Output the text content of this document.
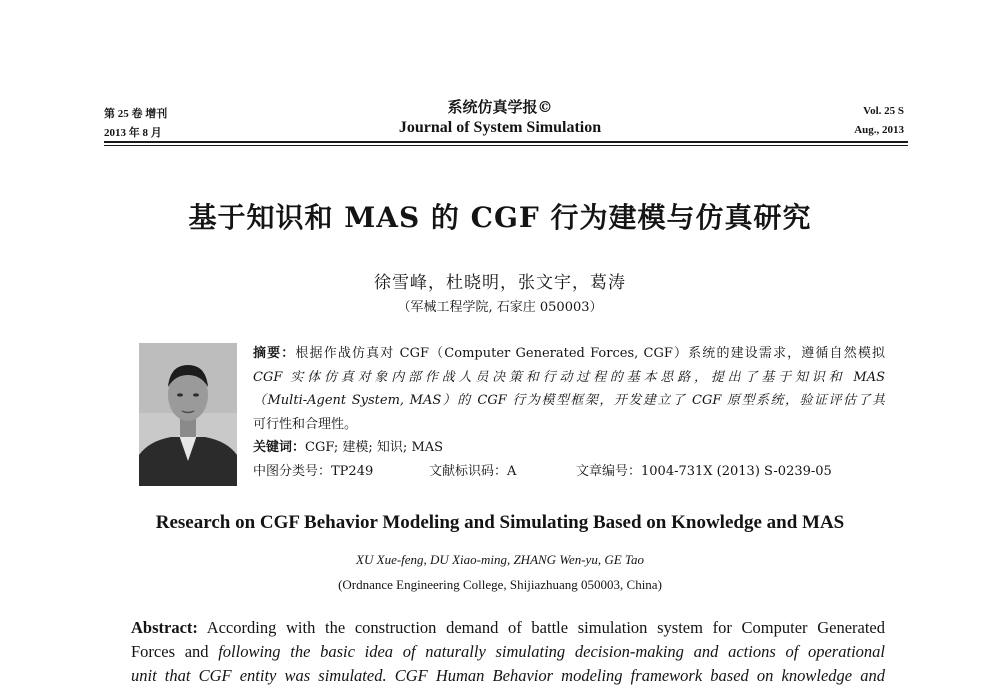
第 25 卷 增刊
2013 年 8 月
系统仿真学报©
Journal of System Simulation
Vol. 25 S
Aug., 2013
基于知识和 MAS 的 CGF 行为建模与仿真研究
徐雪峰，杜晓明，张文宇，葛涛
（军械工程学院, 石家庄 050003）
摘要：根据作战仿真对 CGF（Computer Generated Forces, CGF）系统的建设需求，遵循自然模拟
CGF 实体仿真对象内部作战人员决策和行动过程的基本思路，提出了基于知识和 MAS
（Multi-Agent System, MAS）的 CGF 行为模型框架，开发建立了 CGF 原型系统，验证评估了其
可行性和合理性。
关键词：CGF; 建模; 知识; MAS
中图分类号：TP249	文献标识码：A	文章编号：1004-731X (2013) S-0239-05
Research on CGF Behavior Modeling and Simulating Based on Knowledge and MAS
XU Xue-feng, DU Xiao-ming, ZHANG Wen-yu, GE Tao
(Ordnance Engineering College, Shijiazhuang 050003, China)
Abstract: According with the construction demand of battle simulation system for Computer Generated
Forces and following the basic idea of naturally simulating decision-making and actions of operational
unit that CGF entity was simulated. CGF Human Behavior modeling framework based on knowledge and
